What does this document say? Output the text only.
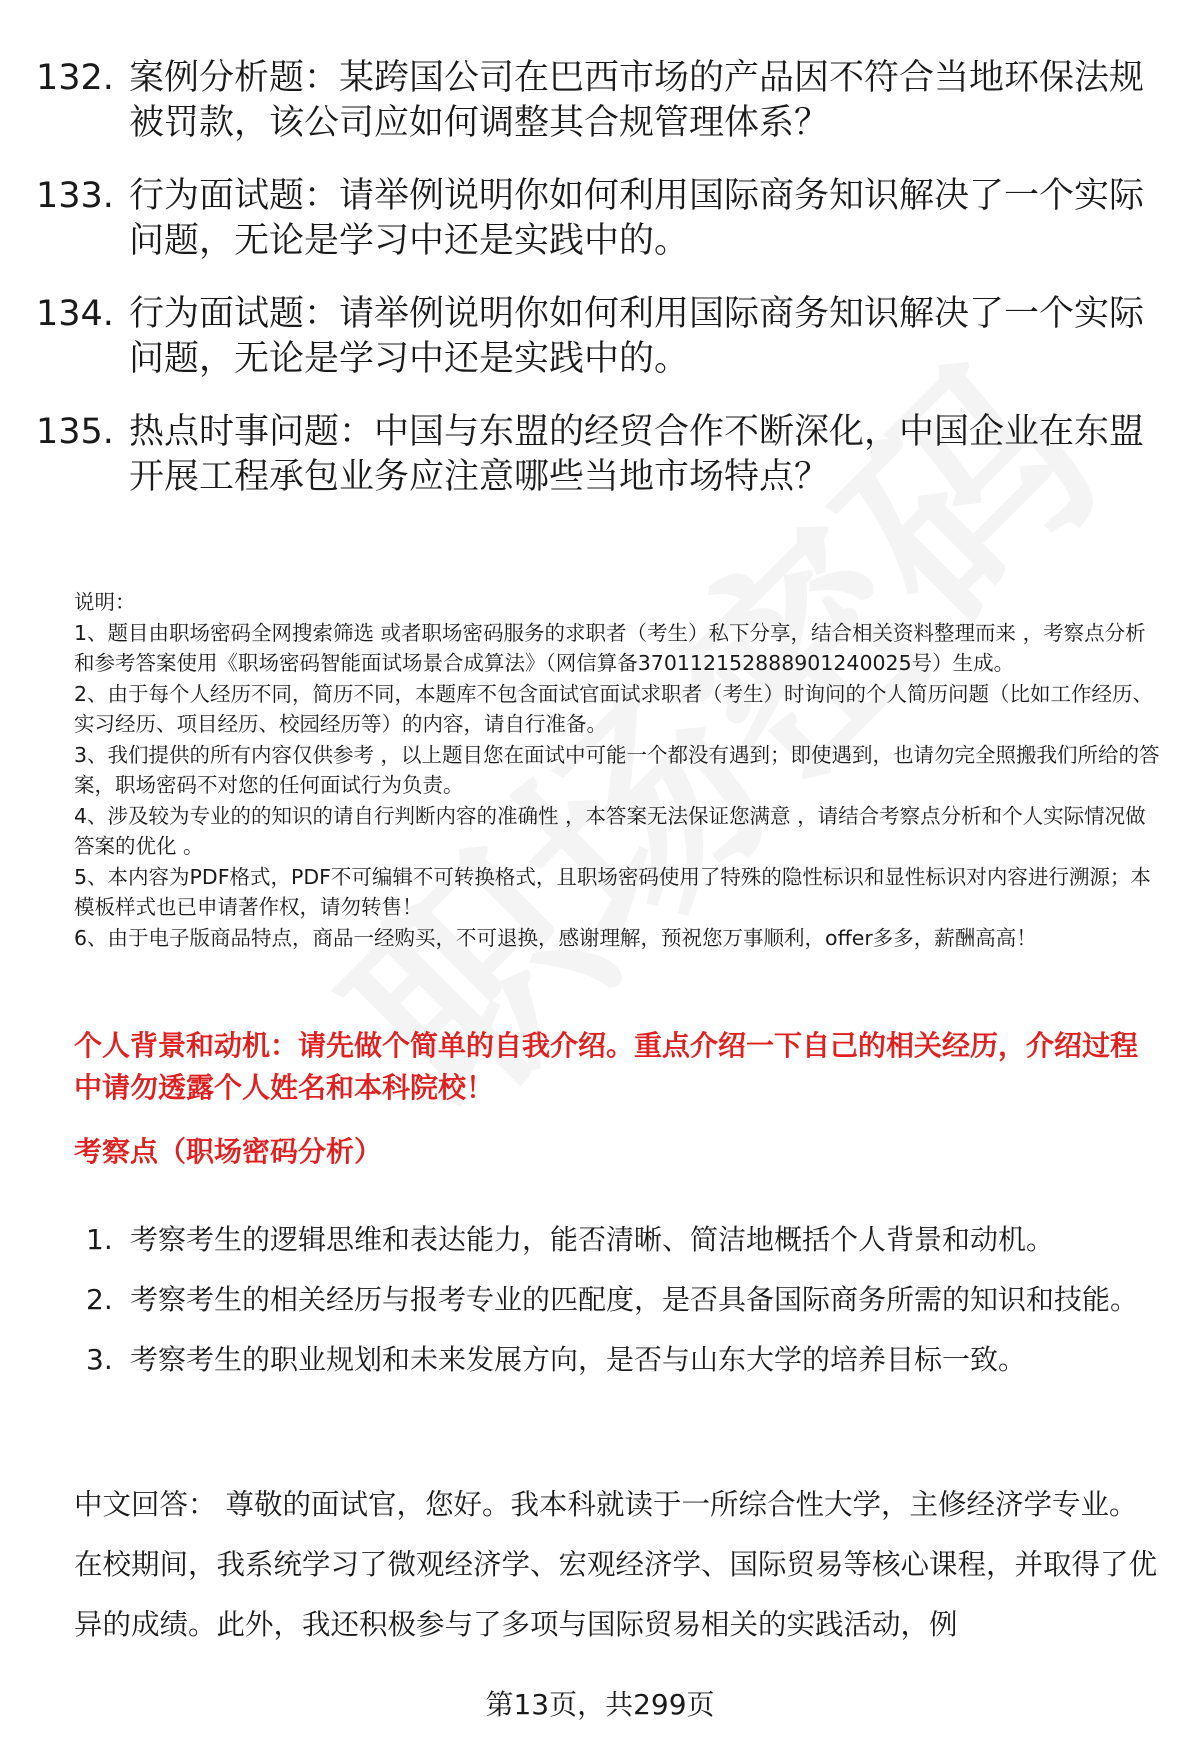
132. 案例分析题：某跨国公司在巴西市场的产品因不符合当地环保法规被罚款，该公司应如何调整其合规管理体系？
133. 行为面试题：请举例说明你如何利用国际商务知识解决了一个实际问题，无论是学习中还是实践中的。
134. 行为面试题：请举例说明你如何利用国际商务知识解决了一个实际问题，无论是学习中还是实践中的。
135. 热点时事问题：中国与东盟的经贸合作不断深化，中国企业在东盟开展工程承包业务应注意哪些当地市场特点？

说明：

1、题目由职场密码全网搜索筛选 或者职场密码服务的求职者（考生）私下分享，结合相关资料整理而来 ，考察点分析和参考答案使用《职场密码智能面试场景合成算法》（网信算备370112152888901240025号）生成。

2、由于每个人经历不同，简历不同，本题库不包含面试官面试求职者（考生）时询问的个人简历问题（比如工作经历、实习经历、项目经历、校园经历等）的内容，请自行准备。

3、我们提供的所有内容仅供参考 ，以上题目您在面试中可能一个都没有遇到；即使遇到，也请勿完全照搬我们所给的答案，职场密码不对您的任何面试行为负责。

4、涉及较为专业的的知识的请自行判断内容的准确性 ，本答案无法保证您满意 ，请结合考察点分析和个人实际情况做答案的优化 。

5、本内容为PDF格式，PDF不可编辑不可转换格式，且职场密码使用了特殊的隐性标识和显性标识对内容进行溯源；本模板样式也已申请著作权，请勿转售！

6、由于电子版商品特点，商品一经购买，不可退换，感谢理解，预祝您万事顺利，offer多多，薪酬高高！

个人背景和动机：请先做个简单的自我介绍。重点介绍一下自己的相关经历，介绍过程中请勿透露个人姓名和本科院校！
考察点（职场密码分析）
1. 考察考生的逻辑思维和表达能力，能否清晰、简洁地概括个人背景和动机。
2. 考察考生的相关经历与报考专业的匹配度，是否具备国际商务所需的知识和技能。
3. 考察考生的职业规划和未来发展方向，是否与山东大学的培养目标一致。
中文回答： 尊敬的面试官，您好。我本科就读于一所综合性大学，主修经济学专业。在校期间，我系统学习了微观经济学、宏观经济学、国际贸易等核心课程，并取得了优异的成绩。此外，我还积极参与了多项与国际贸易相关的实践活动，例
第13页，共299页
